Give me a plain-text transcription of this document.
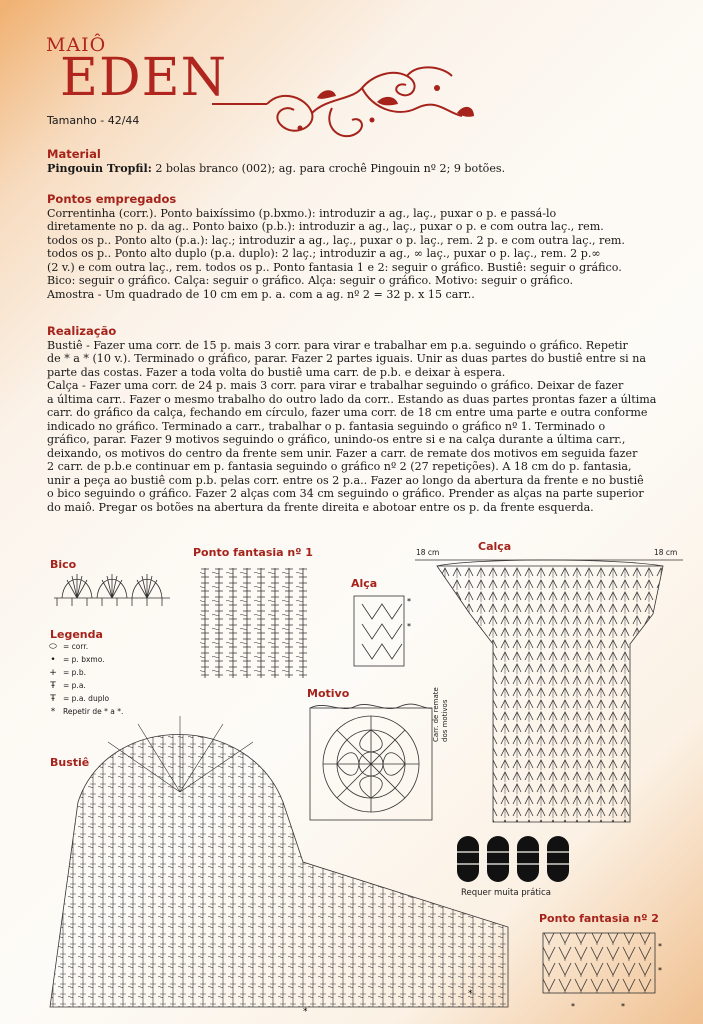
MAIÔ
EDEN
Tamanho - 42/44

Material

Pingouin Tropfil: 2 bolas branco (002); ag. para crochê Pingouin nº 2; 9 botões.

Pontos empregados

Correntinha (corr.). Ponto baixíssimo (p.bxmo.): introduzir a ag., laç., puxar o p. e passá-lo

diretamente no p. da ag.. Ponto baixo (p.b.): introduzir a ag., laç., puxar o p. e com outra laç., rem.

todos os p.. Ponto alto (p.a.): laç.; introduzir a ag., laç., puxar o p. laç., rem. 2 p. e com outra laç., rem.

todos os p.. Ponto alto duplo (p.a. duplo): 2 laç.; introduzir a ag., ∞ laç., puxar o p. laç., rem. 2 p.∞

(2 v.) e com outra laç., rem. todos os p.. Ponto fantasia 1 e 2: seguir o gráfico. Bustiê: seguir o gráfico.

Bico: seguir o gráfico. Calça: seguir o gráfico. Alça: seguir o gráfico. Motivo: seguir o gráfico.

Amostra - Um quadrado de 10 cm em p. a. com a ag. nº 2 = 32 p. x 15 carr..

Realização

Bustiê - Fazer uma corr. de 15 p. mais 3 corr. para virar e trabalhar em p.a. seguindo o gráfico. Repetir

de * a * (10 v.). Terminado o gráfico, parar. Fazer 2 partes iguais. Unir as duas partes do bustiê entre si na

parte das costas. Fazer a toda volta do bustiê uma carr. de p.b. e deixar à espera.

Calça - Fazer uma corr. de 24 p. mais 3 corr. para virar e trabalhar seguindo o gráfico. Deixar de fazer

a última carr.. Fazer o mesmo trabalho do outro lado da corr.. Estando as duas partes prontas fazer a última

carr. do gráfico da calça, fechando em círculo, fazer uma corr. de 18 cm entre uma parte e outra conforme

indicado no gráfico. Terminado a carr., trabalhar o p. fantasia seguindo o gráfico nº 1. Terminado o

gráfico, parar. Fazer 9 motivos seguindo o gráfico, unindo-os entre si e na calça durante a última carr.,

deixando, os motivos do centro da frente sem unir. Fazer a carr. de remate dos motivos em seguida fazer

2 carr. de p.b.e continuar em p. fantasia seguindo o gráfico nº 2 (27 repetições). A 18 cm do p. fantasia,

unir a peça ao bustiê com p.b. pelas corr. entre os 2 p.a.. Fazer ao longo da abertura da frente e no bustiê

o bico seguindo o gráfico. Fazer 2 alças com 34 cm seguindo o gráfico. Prender as alças na parte superior

do maiô. Pregar os botões na abertura da frente direita e abotoar entre os p. da frente esquerda.

Bico
Ponto fantasia nº 1
Alça
Calça
18 cm	18 cm
Motivo	Carr. de remate dos motivos
Bustiê
Ponto fantasia nº 2
Requer muita prática
Legenda
⬭ = corr.
• = p. bxmo.
+ = p.b.
Ŧ = p.a.
Ŧ = p.a. duplo
*	Repetir de * a *.
*
*
*
*
*
*
*	*
